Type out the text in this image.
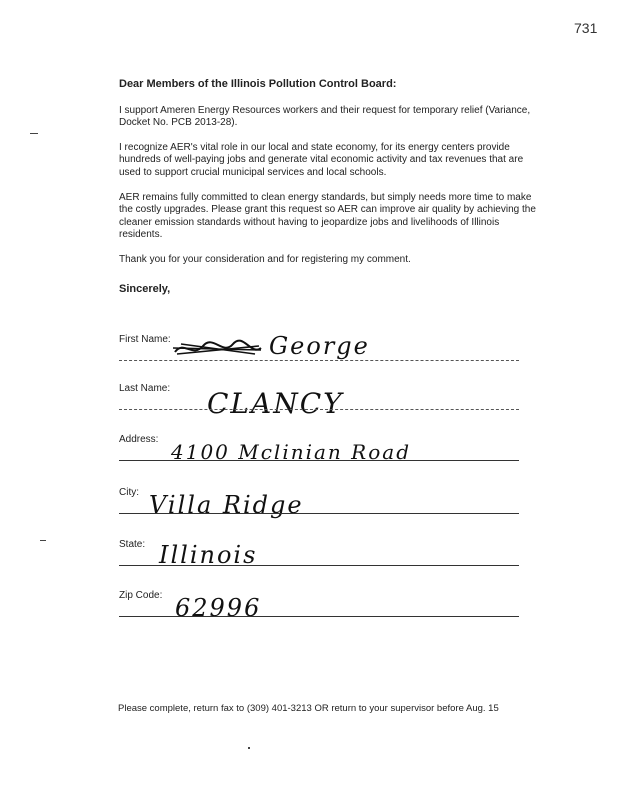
731
Dear Members of the Illinois Pollution Control Board:

I support Ameren Energy Resources workers and their request for temporary relief (Variance, Docket No. PCB 2013-28).

I recognize AER's vital role in our local and state economy, for its energy centers provide hundreds of well-paying jobs and generate vital economic activity and tax revenues that are used to support crucial municipal services and local schools.

AER remains fully committed to clean energy standards, but simply needs more time to make the costly upgrades. Please grant this request so AER can improve air quality by achieving the cleaner emission standards without having to jeopardize jobs and livelihoods of Illinois residents.

Thank you for your consideration and for registering my comment.

Sincerely,
First Name:	George
Last Name: CLANCY
Address:
4100 Mclinian Road
City: Villa Ridge
State: Illinois
Zip Code: 62996
Please complete, return fax to (309) 401-3213 OR return to your supervisor before Aug. 15
